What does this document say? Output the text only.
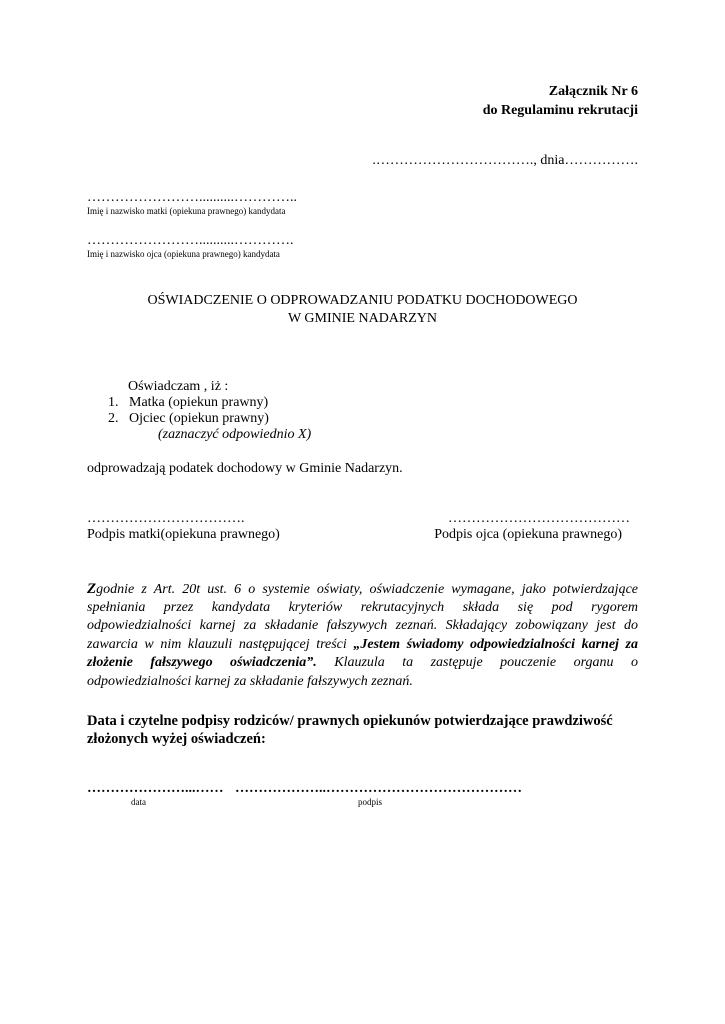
Załącznik Nr 6
do Regulaminu rekrutacji
.……………………………., dnia…………….
……………………..........…………..
Imię i nazwisko matki (opiekuna prawnego) kandydata
……………………..........………….
Imię i nazwisko ojca (opiekuna prawnego) kandydata
OŚWIADCZENIE O ODPROWADZANIU PODATKU DOCHODOWEGO
W GMINIE NADARZYN
Oświadczam , iż :
1. Matka (opiekun prawny)
2. Ojciec (opiekun prawny)
(zaznaczyć odpowiednio X)
odprowadzają podatek dochodowy w Gminie Nadarzyn.
…………………………….
Podpis matki(opiekuna prawnego)
…………………………………
Podpis ojca (opiekuna prawnego)
Zgodnie z Art. 20t ust. 6 o systemie oświaty, oświadczenie wymagane, jako potwierdzające
spełniania przez kandydata kryteriów rekrutacyjnych składa się pod rygorem
odpowiedzialności karnej za składanie fałszywych zeznań. Składający zobowiązany jest do
zawarcia w nim klauzuli następującej treści „Jestem świadomy odpowiedzialności karnej za
złożenie fałszywego oświadczenia”. Klauzula ta zastępuje pouczenie organu o
odpowiedzialności karnej za składanie fałszywych zeznań.
Data i czytelne podpisy rodziców/ prawnych opiekunów potwierdzające prawdziwość
złożonych wyżej oświadczeń:
…………………...…… ………………..……………………………………
data	podpis
